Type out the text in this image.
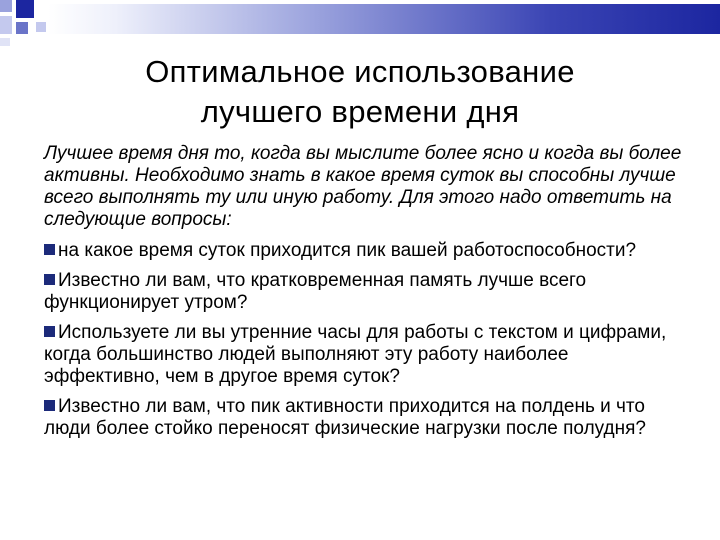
Оптимальное использование
лучшего времени дня

Лучшее время дня то, когда вы мыслите более ясно и когда вы более активны. Необходимо знать в какое время суток вы способны лучше всего выполнять ту или иную работу. Для этого надо ответить на следующие вопросы:

на какое время суток приходится пик вашей работоспособности?
Известно ли вам, что кратковременная память лучше всего функционирует утром?
Используете ли вы утренние часы для работы с текстом и цифрами, когда большинство людей выполняют эту работу наиболее эффективно, чем в другое время суток?
Известно ли вам, что пик активности приходится на полдень и что люди более стойко переносят физические нагрузки после полудня?
